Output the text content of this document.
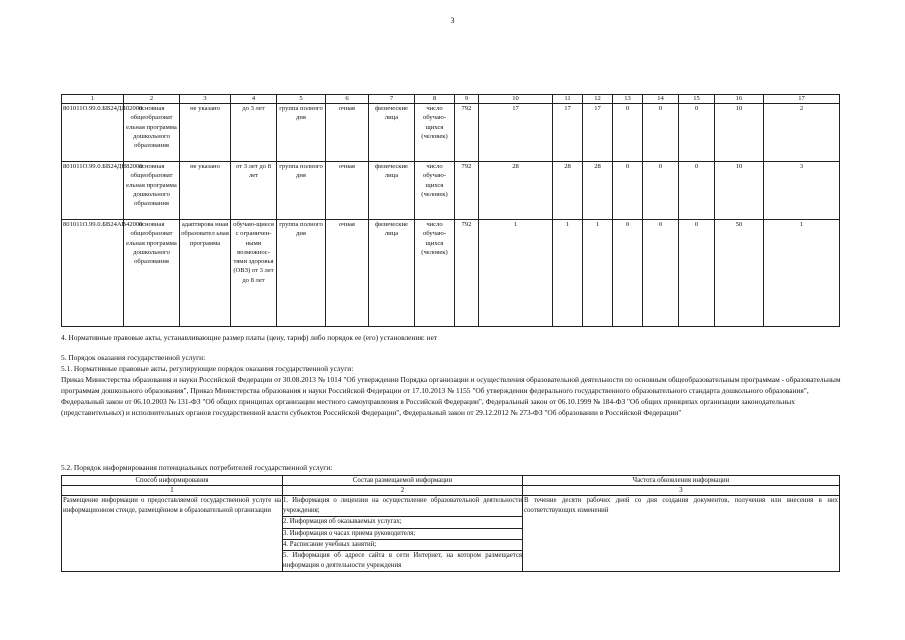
3
1	2	3	4	5	6	7	8	9	10	11	12	13	14	15	16	17
801011О.99.0.БВ24ДЛ02000	основная общеобразоват ельная программа дошкольного образования	не указано	до 3 лет	группа полного дня	очная	физические лица	число обучаю-щихся (человек)	792	17	17	17	0	0	0	10	2
801011О.99.0.БВ24ДН82000	основная общеобразоват ельная программа дошкольного образования	не указано	от 3 лет до 8 лет	группа полного дня	очная	физические лица	число обучаю-щихся (человек)	792	28	28	28	0	0	0	10	3
801011О.99.0.БВ24АВ42000	основная общеобразоват ельная программа дошкольного образования	адаптирова нная образовател ьная программа	обучаю-щиеся с ограничен-ными возможнос-тями здоровья (ОВЗ) от 3 лет до 8 лет	группа полного дня	очная	физические лица	число обучаю-щихся (человек)	792	1	1	1	0	0	0	50	1
4. Нормативные правовые акты, устанавливающие размер платы (цену, тариф) либо порядок ее (его) установления: нет
5. Порядок оказания государственной услуги:
5.1. Нормативные правовые акты, регулирующие порядок оказания государственной услуги:
Приказ Министерства образования и науки Российской Федерации от 30.08.2013 № 1014 "Об утверждении Порядка организации и осуществления образовательной деятельности по основным общеобразовательным программам - образовательным программам дошкольного образования", Приказ Министерства образования и науки Российской Федерации от 17.10.2013 № 1155 "Об утверждении федерального государственного образовательного стандарта дошкольного образования", Федеральный закон от 06.10.2003 № 131-ФЗ "Об общих принципах организации местного самоуправления в Российской Федерации", Федеральный закон от 06.10.1999 № 184-ФЗ "Об общих принципах организации законодательных (представительных) и исполнительных органов государственной власти субъектов Российской Федерации", Федеральный закон от 29.12.2012 № 273-ФЗ "Об образовании в Российской Федерации"
5.2. Порядок информирования потенциальных потребителей государственной услуги:
Способ информирования	Состав размещаемой информации	Частота обновления информации
1	2	3
Размещение информации о предоставляемой государственной услуге на информационном стенде, размещённом в образовательной организации	1. Информация о лицензии на осуществление образовательной деятельности учреждения;
2. Информация об оказываемых услугах;
3. Информация о часах приема руководителя;
4. Расписание учебных занятий;
5. Информация об адресе сайта в сети Интернет, на котором размещается информация о деятельности учреждения	В течение десяти рабочих дней со дня создания документов, получения или внесения в них соответствующих изменений
